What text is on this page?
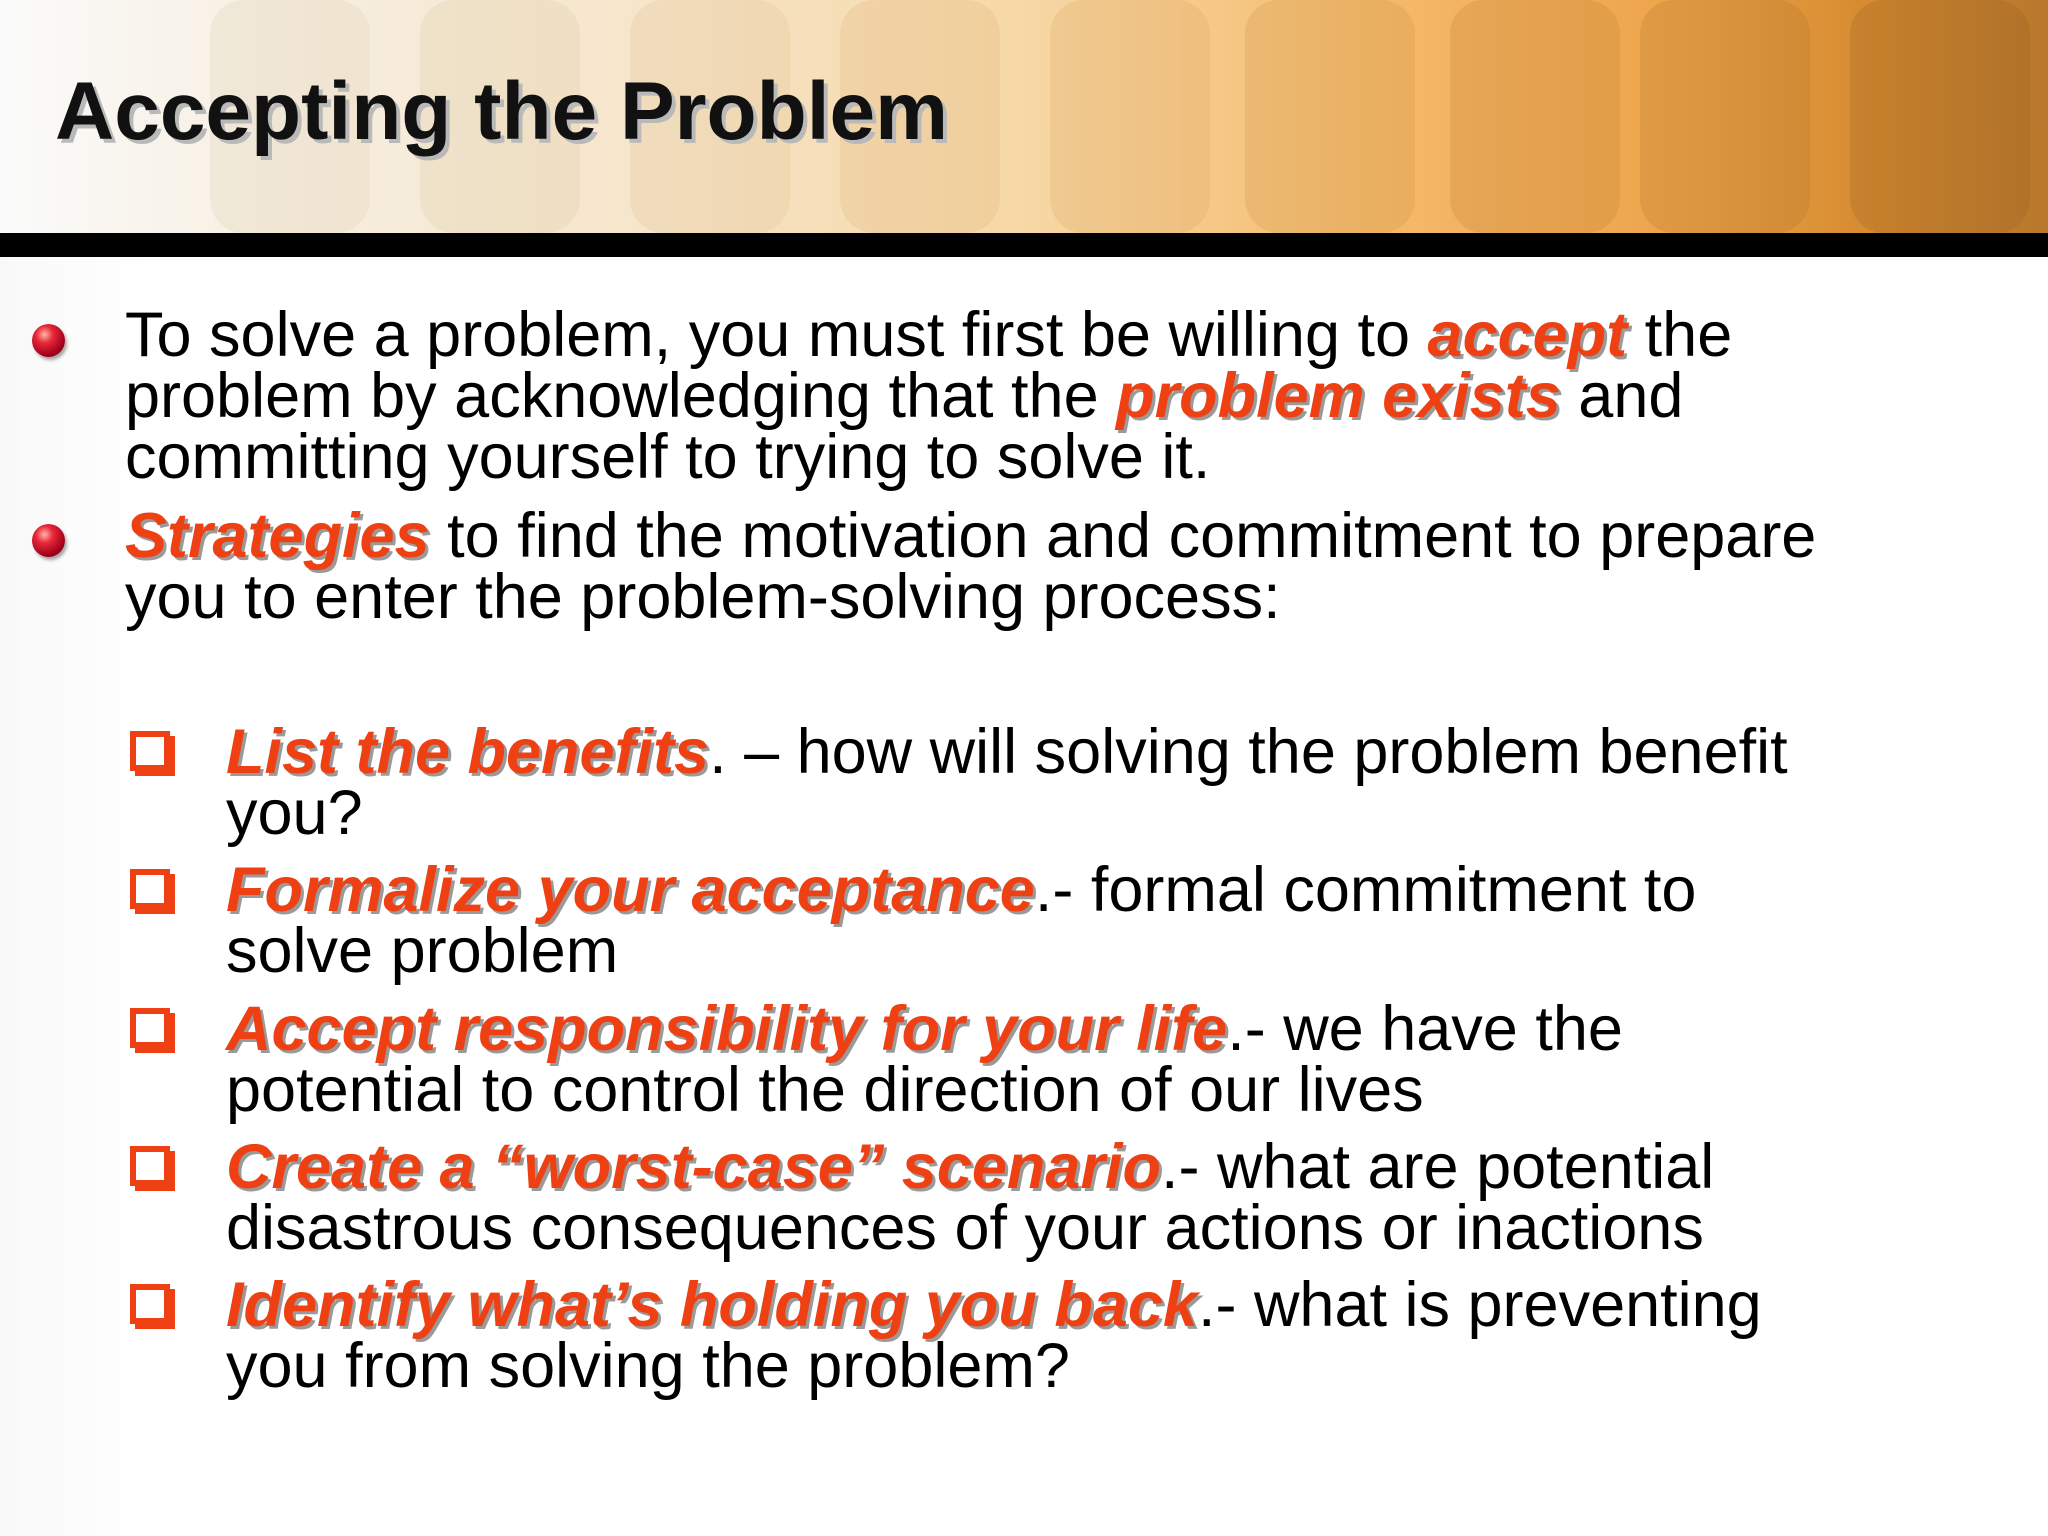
Accepting the Problem
To solve a problem, you must first be willing to accept the
problem by acknowledging that the problem exists and
committing yourself to trying to solve it.
Strategies to find the motivation and commitment to prepare
you to enter the problem-solving process:
List the benefits. – how will solving the problem benefit
you?
Formalize your acceptance.- formal commitment to
solve problem
Accept responsibility for your life.- we have the
potential to control the direction of our lives
Create a “worst-case” scenario.- what are potential
disastrous consequences of your actions or inactions
Identify what’s holding you back.- what is preventing
you from solving the problem?
